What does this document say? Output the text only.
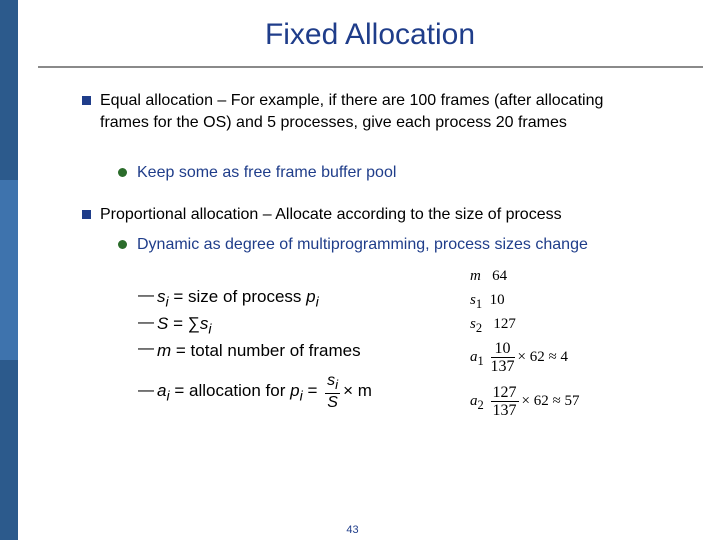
Fixed Allocation
Equal allocation – For example, if there are 100 frames (after allocating frames for the OS) and 5 processes, give each process 20 frames
Keep some as free frame buffer pool
Proportional allocation – Allocate according to the size of process
Dynamic as degree of multiprogramming, process sizes change
— $s_i$ = size of process $p_i$
— $S = \sum s_i$
— m = total number of frames
— $a_i$ = allocation for $p_i = \frac{s_i}{S} \times m$
m 64
$s_1$ 10
$s_2$ 127
$a_1 \frac{10}{137} \times 62 \approx 4$
$a_2 \frac{127}{137} \times 62 \approx 57$
43
